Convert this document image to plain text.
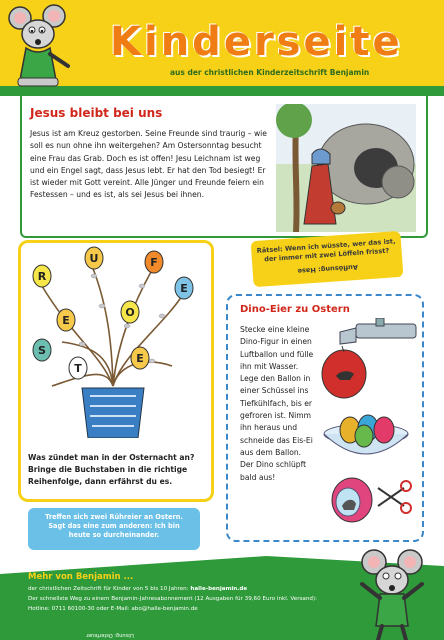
Kinderseite
aus der christlichen Kinderzeitschrift Benjamin
Jesus bleibt bei uns
Jesus ist am Kreuz gestorben. Seine Freunde sind traurig – wie soll es nun ohne ihn weitergehen? Am Ostersonntag besucht eine Frau das Grab. Doch es ist offen! Jesu Leichnam ist weg und ein Engel sagt, dass Jesus lebt. Er hat den Tod besiegt! Er ist wieder mit Gott vereint. Alle Jünger und Freunde feiern ein Festessen – und es ist, als sei Jesus bei ihnen.
Rätsel: Wenn ich wüsste, wer das ist, der immer mit zwei Löffeln frisst?
Auflösung: Hase
R
U	F
E
E
O
S
T
E
Was zündet man in der Osternacht an? Bringe die Buchstaben in die richtige Reihenfolge, dann erfährst du es.
Dino-Eier zu Ostern
Stecke eine kleine Dino-Figur in einen Luftballon und fülle ihn mit Wasser. Lege den Ballon in einer Schüssel ins Tiefkühlfach, bis er gefroren ist. Nimm ihn heraus und schneide das Eis-Ei aus dem Ballon. Der Dino schlüpft bald aus!
Treffen sich zwei Rühreier an Ostern. Sagt das eine zum anderen: Ich bin heute so durcheinander.
Mehr von Benjamin ...
der christlichen Zeitschrift für Kinder von 5 bis 10 Jahren: halle-benjamin.de
Der schnellste Weg zu einem Benjamin-Jahresabonnement (12 Ausgaben für 39,60 Euro inkl. Versand):
Hotline: 0711 60100-30 oder E-Mail: abo@halle-benjamin.de
Lösung: Osterfeuer
